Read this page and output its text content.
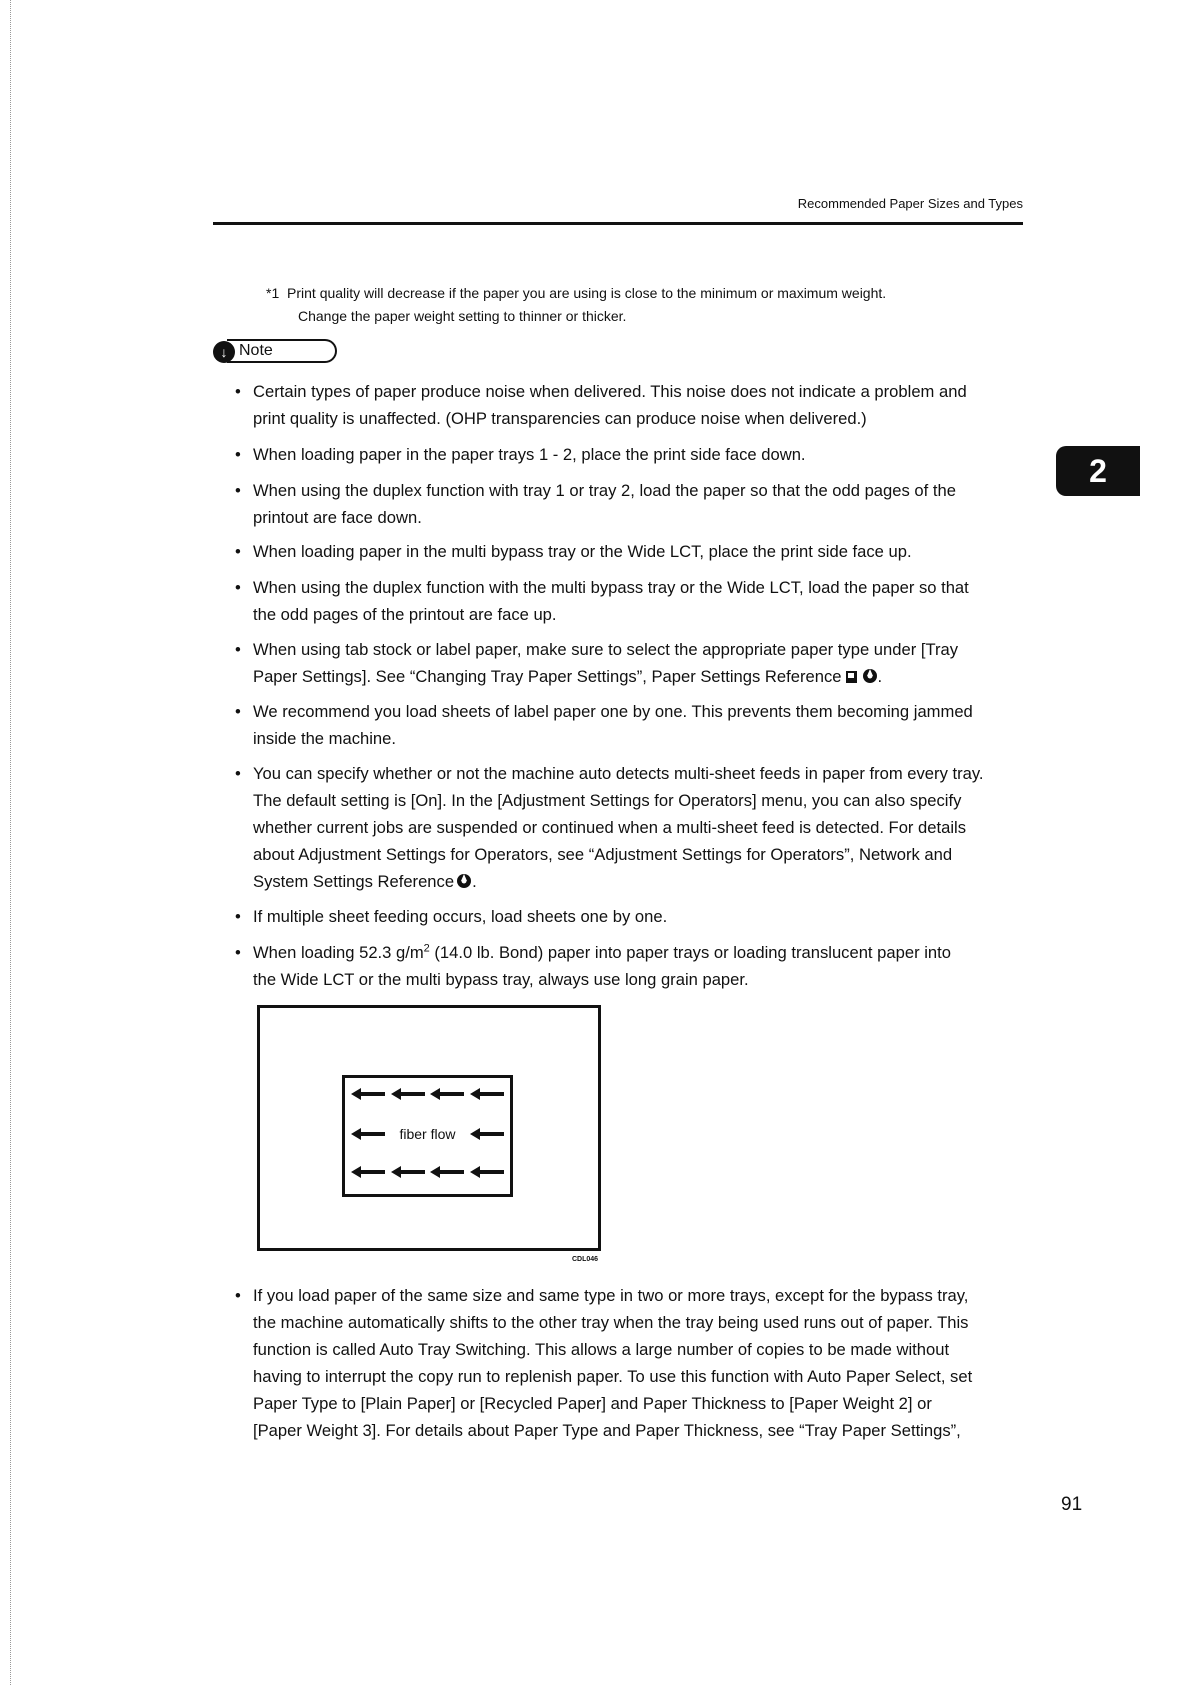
Recommended Paper Sizes and Types
*1 Print quality will decrease if the paper you are using is close to the minimum or maximum weight.
Change the paper weight setting to thinner or thicker.
↓ Note
2
• Certain types of paper produce noise when delivered. This noise does not indicate a problem and
print quality is unaffected. (OHP transparencies can produce noise when delivered.)
• When loading paper in the paper trays 1 - 2, place the print side face down.
• When using the duplex function with tray 1 or tray 2, load the paper so that the odd pages of the
printout are face down.
• When loading paper in the multi bypass tray or the Wide LCT, place the print side face up.
• When using the duplex function with the multi bypass tray or the Wide LCT, load the paper so that
the odd pages of the printout are face up.
• When using tab stock or label paper, make sure to select the appropriate paper type under [Tray
Paper Settings]. See “Changing Tray Paper Settings”, Paper Settings Reference .
• We recommend you load sheets of label paper one by one. This prevents them becoming jammed
inside the machine.
• You can specify whether or not the machine auto detects multi-sheet feeds in paper from every tray.
The default setting is [On]. In the [Adjustment Settings for Operators] menu, you can also specify
whether current jobs are suspended or continued when a multi-sheet feed is detected. For details
about Adjustment Settings for Operators, see “Adjustment Settings for Operators”, Network and
System Settings Reference .
• If multiple sheet feeding occurs, load sheets one by one.
• When loading 52.3 $g/m^2$ (14.0 lb. Bond) paper into paper trays or loading translucent paper into
the Wide LCT or the multi bypass tray, always use long grain paper.
fiber flow
CDL046
• If you load paper of the same size and same type in two or more trays, except for the bypass tray,
the machine automatically shifts to the other tray when the tray being used runs out of paper. This
function is called Auto Tray Switching. This allows a large number of copies to be made without
having to interrupt the copy run to replenish paper. To use this function with Auto Paper Select, set
Paper Type to [Plain Paper] or [Recycled Paper] and Paper Thickness to [Paper Weight 2] or
[Paper Weight 3]. For details about Paper Type and Paper Thickness, see “Tray Paper Settings”,
91
